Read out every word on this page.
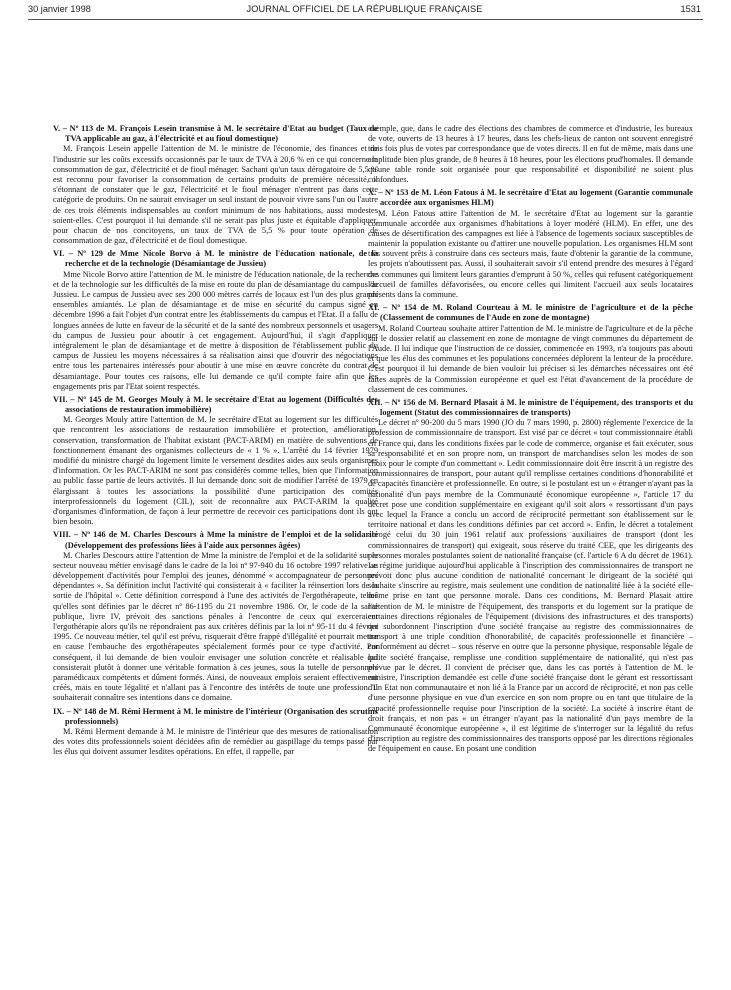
30 janvier 1998	JOURNAL OFFICIEL DE LA RÉPUBLIQUE FRANÇAISE	1531

V. – Nº 113 de M. François Lesein transmise à M. le secrétaire d'Etat au budget (Taux de TVA applicable au gaz, à l'électricité et au fioul domestique)

M. François Lesein appelle l'attention de M. le ministre de l'économie, des finances et de l'industrie sur les coûts excessifs occasionnés par le taux de TVA à 20,6 % en ce qui concerne la consommation de gaz, d'électricité et de fioul ménager. Sachant qu'un taux dérogatoire de 5,5 % est reconnu pour favoriser la consommation de certains produits de première nécessité, il s'étonnant de constater que le gaz, l'électricité et le fioul ménager n'entrent pas dans cette catégorie de produits. On ne saurait envisager un seul instant de pouvoir vivre sans l'un ou l'autre de ces trois éléments indispensables au confort minimum de nos habitations, aussi modestes soient-elles. C'est pourquoi il lui demande s'il ne serait pas plus juste et équitable d'appliquer, pour chacun de nos concitoyens, un taux de TVA de 5,5 % pour toute opération de consommation de gaz, d'électricité et de fioul domestique.

VI. – Nº 129 de Mme Nicole Borvo à M. le ministre de l'éducation nationale, de la recherche et de la technologie (Désamiantage de Jussieu)

Mme Nicole Borvo attire l'attention de M. le ministre de l'éducation nationale, de la recherche et de la technologie sur les difficultés de la mise en route du plan de désamiantage du campus de Jussieu. Le campus de Jussieu avec ses 200 000 mètres carrés de locaux est l'un des plus grands ensembles amiantés. Le plan de désamiantage et de mise en sécurité du campus signé en décembre 1996 a fait l'objet d'un contrat entre les établissements du campus et l'Etat. Il a fallu de longues années de lutte en faveur de la sécurité et de la santé des nombreux personnels et usagers du campus de Jussieu pour aboutir à cet engagement. Aujourd'hui, il s'agit d'appliquer intégralement le plan de désamiantage et de mettre à disposition de l'établissement public du campus de Jussieu les moyens nécessaires à sa réalisation ainsi que d'ouvrir des négociations entre tous les partenaires intéressés pour aboutir à une mise en œuvre concrète du contrat de désamiantage. Pour toutes ces raisons, elle lui demande ce qu'il compte faire afin que les engagements pris par l'Etat soient respectés.

VII. – Nº 145 de M. Georges Mouly à M. le secrétaire d'Etat au logement (Difficultés des associations de restauration immobilière)

M. Georges Mouly attire l'attention de M. le secrétaire d'Etat au logement sur les difficultés que rencontrent les associations de restauration immobilière et protection, amélioration, conservation, transformation de l'habitat existant (PACT-ARIM) en matière de subventions de fonctionnement émanant des organismes collecteurs de « 1 % ». L'arrêté du 14 février 1979 modifié du ministre chargé du logement limite le versement desdites aides aux seuls organismes d'information. Or les PACT-ARIM ne sont pas considérés comme telles, bien que l'information au public fasse partie de leurs activités. Il lui demande donc soit de modifier l'arrêté de 1979 en élargissant à toutes les associations la possibilité d'une participation des comités interprofessionnels du logement (CIL), soit de reconnaître aux PACT-ARIM la qualité d'organismes d'information, de façon à leur permettre de recevoir ces participations dont ils ont bien besoin.

VIII. – Nº 146 de M. Charles Descours à Mme la ministre de l'emploi et de la solidarité (Développement des professions liées à l'aide aux personnes âgées)

M. Charles Descours attire l'attention de Mme la ministre de l'emploi et de la solidarité sur le secteur nouveau métier envisagé dans le cadre de la loi nº 97-940 du 16 octobre 1997 relative au développement d'activités pour l'emploi des jeunes, dénommé « accompagnateur de personnes dépendantes ». Sa définition inclut l'activité qui consisterait à « faciliter la réinsertion lors de la sortie de l'hôpital ». Cette définition correspond à l'une des activités de l'ergothérapeute, telles qu'elles sont définies par le décret nº 86-1195 du 21 novembre 1986. Or, le code de la santé publique, livre IV, prévoit des sanctions pénales à l'encontre de ceux qui exerceraient l'ergothérapie alors qu'ils ne répondraient pas aux critères définis par la loi nº 95-11 du 4 février 1995. Ce nouveau métier, tel qu'il est prévu, risquerait d'être frappé d'illégalité et pourrait mettre en cause l'embauche des ergothérapeutes spécialement formés pour ce type d'activité. Par conséquent, il lui demande de bien vouloir envisager une solution concrète et réalisable qui consisterait plutôt à donner une véritable formation à ces jeunes, sous la tutelle de personnels paramédicaux compétents et dûment formés. Ainsi, de nouveaux emplois seraient effectivement créés, mais en toute légalité et n'allant pas à l'encontre des intérêts de toute une profession. Il souhaiterait connaître ses intentions dans ce domaine.

IX. – Nº 148 de M. Rémi Herment à M. le ministre de l'intérieur (Organisation des scrutins professionnels)

M. Rémi Herment demande à M. le ministre de l'intérieur que des mesures de rationalisation des votes dits professionnels soient décidées afin de remédier au gaspillage du temps passé par les élus qui doivent assumer lesdites opérations. En effet, il rappelle, par

exemple, que, dans le cadre des élections des chambres de commerce et d'industrie, les bureaux de vote, ouverts de 13 heures à 17 heures, dans les chefs-lieux de canton ont souvent enregistré trois fois plus de votes par correspondance que de votes directs. Il en fut de même, mais dans une amplitude bien plus grande, de 8 heures à 18 heures, pour les élections prud'homales. Il demande qu'une table ronde soit organisée pour que responsabilité et disponibilité ne soient plus confondues.

X. – Nº 153 de M. Léon Fatous à M. le secrétaire d'Etat au logement (Garantie communale accordée aux organismes HLM)

M. Léon Fatous attire l'attention de M. le secrétaire d'Etat au logement sur la garantie communale accordée aux organismes d'habitations à loyer modéré (HLM). En effet, une des causes de désertification des campagnes est liée à l'absence de logements sociaux susceptibles de maintenir la population existante ou d'attirer une nouvelle population. Les organismes HLM sont très souvent prêts à construire dans ces secteurs mais, faute d'obtenir la garantie de la commune, les projets n'aboutissent pas. Aussi, il souhaiterait savoir s'il entend prendre des mesures à l'égard des communes qui limitent leurs garanties d'emprunt à 50 %, celles qui refusent catégoriquement l'accueil de familles défavorisées, ou encore celles qui limitent l'accueil aux seuls locataires présents dans la commune.

XI. – Nº 154 de M. Roland Courteau à M. le ministre de l'agriculture et de la pêche (Classement de communes de l'Aude en zone de montagne)

M. Roland Courteau souhaite attirer l'attention de M. le ministre de l'agriculture et de la pêche sur le dossier relatif au classement en zone de montagne de vingt communes du département de l'Aude. Il lui indique que l'instruction de ce dossier, commencée en 1993, n'a toujours pas abouti et que les élus des communes et les populations concernées déplorent la lenteur de la procédure. C'est pourquoi il lui demande de bien vouloir lui préciser si les démarches nécessaires ont été faites auprès de la Commission européenne et quel est l'état d'avancement de la procédure de classement de ces communes.

XII. – Nº 156 de M. Bernard Plasait à M. le ministre de l'équipement, des transports et du logement (Statut des commissionnaires de transports)

Le décret nº 90-200 du 5 mars 1990 (JO du 7 mars 1990, p. 2800) réglemente l'exercice de la profession de commissionnaire de transport. Est visé par ce décret « tout commissionnaire établi en France qui, dans les conditions fixées par le code de commerce, organise et fait exécuter, sous sa responsabilité et en son propre nom, un transport de marchandises selon les modes de son choix pour le compte d'un commettant ». Ledit commissionnaire doit être inscrit à un registre des commissionnaires de transport, pour autant qu'il remplisse certaines conditions d'honorabilité et de capacités financière et professionnelle. En outre, si le postulant est un « étranger n'ayant pas la nationalité d'un pays membre de la Communauté économique européenne », l'article 17 du décret pose une condition supplémentaire en exigeant qu'il soit alors « ressortissant d'un pays avec lequel la France a conclu un accord de réciprocité permettant son établissement sur le territoire national et dans les conditions définies par cet accord ». Enfin, le décret a totalement abrogé celui du 30 juin 1961 relatif aux professions auxiliaires de transport (dont les commissionnaires de transport) qui exigeait, sous réserve du traité CEE, que les dirigeants des personnes morales postulantes soient de nationalité française (cf. l'article 6 A du décret de 1961). Le régime juridique aujourd'hui applicable à l'inscription des commissionnaires de transport ne prévoit donc plus aucune condition de nationalité concernant le dirigeant de la société qui souhaite s'inscrire au registre, mais seulement une condition de nationalité liée à la société elle-même prise en tant que personne morale. Dans ces conditions, M. Bernard Plasait attire l'attention de M. le ministre de l'équipement, des transports et du logement sur la pratique de certaines directions régionales de l'équipement (divisions des infrastructures et des transports) qui subordonnent l'inscription d'une société française au registre des commissionnaires de transport à une triple condition d'honorabilité, de capacités professionnelle et financière – conformément au décret – sous réserve en outre que la personne physique, responsable légale de ladite société française, remplisse une condition supplémentaire de nationalité, qui n'est pas prévue par le décret. Il convient de préciser que, dans les cas portés à l'attention de M. le ministre, l'inscription demandée est celle d'une société française dont le gérant est ressortissant d'un Etat non communautaire et non lié à la France par un accord de réciprocité, et non pas celle d'une personne physique en vue d'un exercice en son nom propre ou en tant que titulaire de la capacité professionnelle requise pour l'inscription de la société. La société à inscrire étant de droit français, et non pas « un étranger n'ayant pas la nationalité d'un pays membre de la Communauté économique européenne », il est légitime de s'interroger sur la légalité du refus d'inscription au registre des commissionnaires des transports opposé par les directions régionales de l'équipement en cause. En posant une condition
